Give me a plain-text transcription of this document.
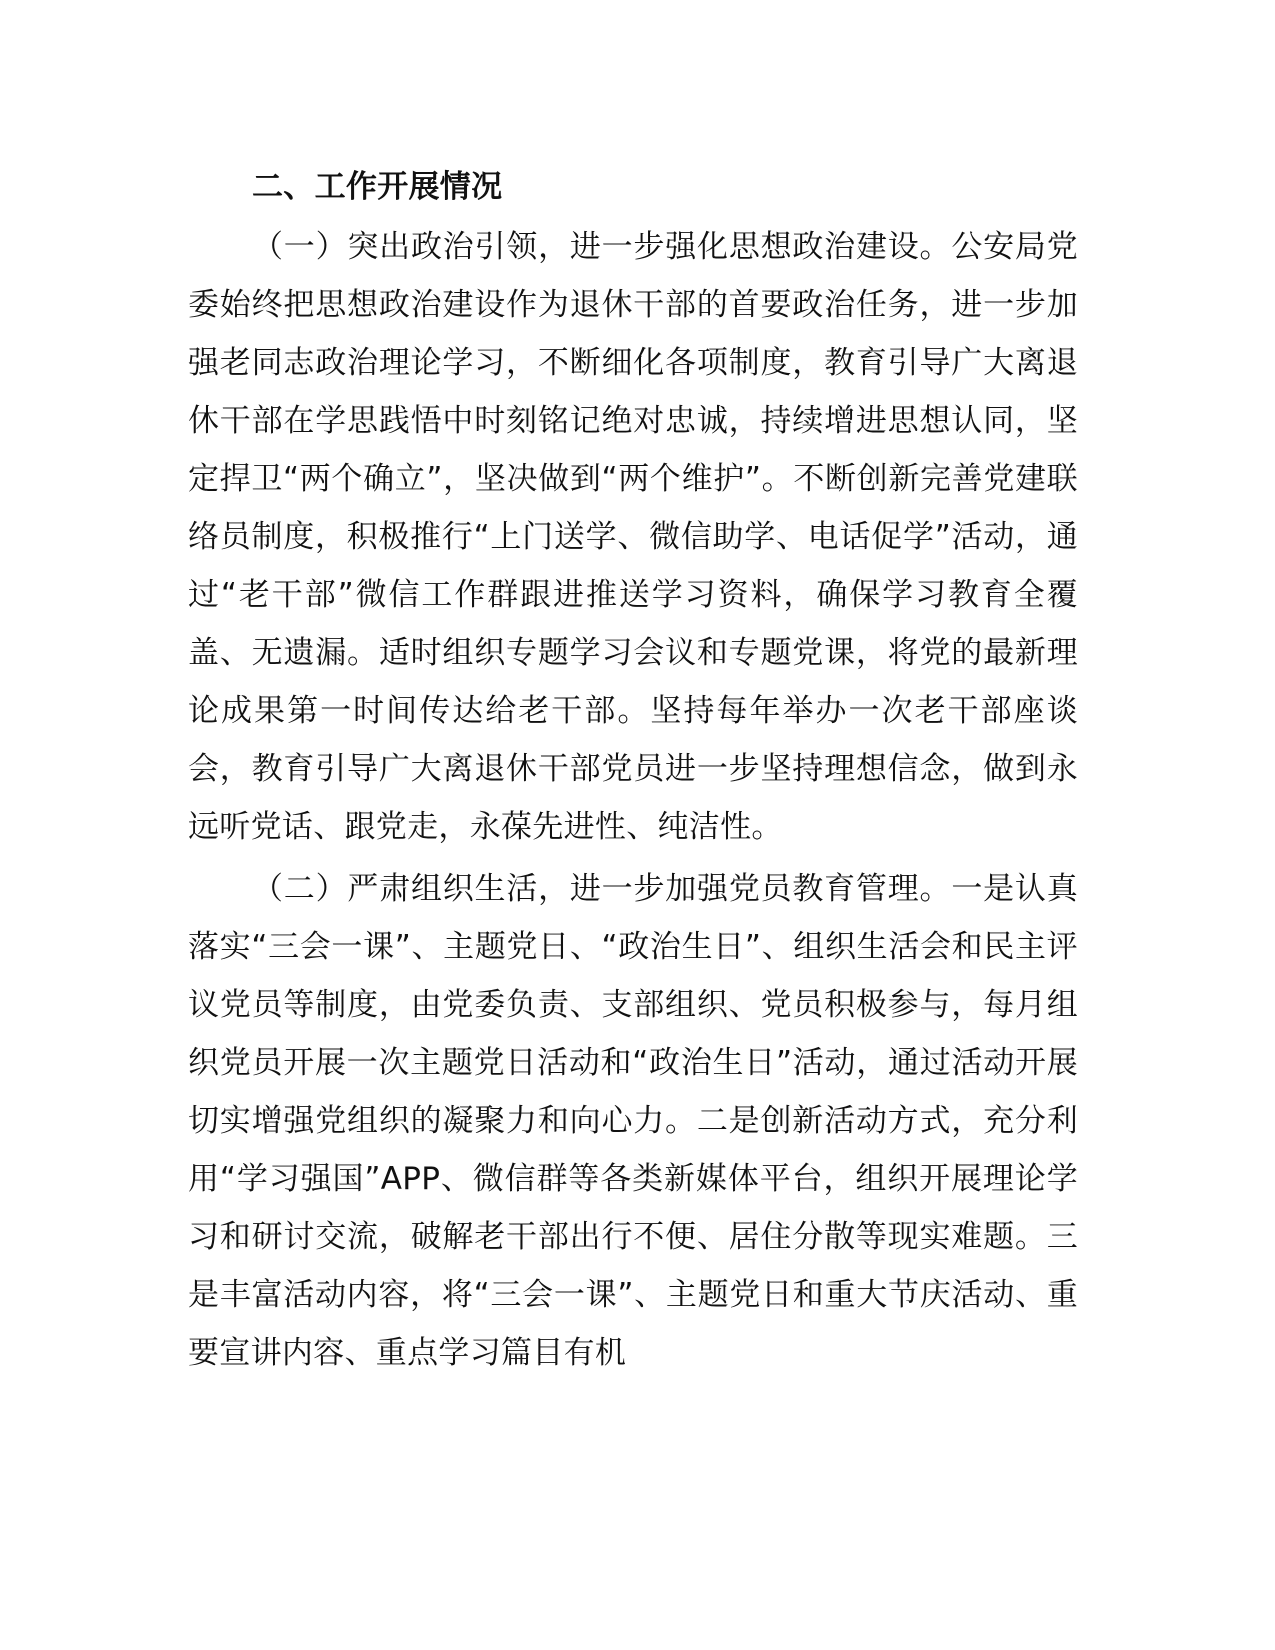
二、工作开展情况

（一）突出政治引领，进一步强化思想政治建设。公安局党委始终把思想政治建设作为退休干部的首要政治任务，进一步加强老同志政治理论学习，不断细化各项制度，教育引导广大离退休干部在学思践悟中时刻铭记绝对忠诚，持续增进思想认同，坚定捍卫“两个确立”，坚决做到“两个维护”。不断创新完善党建联络员制度，积极推行“上门送学、微信助学、电话促学”活动，通过“老干部”微信工作群跟进推送学习资料，确保学习教育全覆盖、无遗漏。适时组织专题学习会议和专题党课，将党的最新理论成果第一时间传达给老干部。坚持每年举办一次老干部座谈会，教育引导广大离退休干部党员进一步坚持理想信念，做到永远听党话、跟党走，永葆先进性、纯洁性。

（二）严肃组织生活，进一步加强党员教育管理。一是认真落实“三会一课”、主题党日、“政治生日”、组织生活会和民主评议党员等制度，由党委负责、支部组织、党员积极参与，每月组织党员开展一次主题党日活动和“政治生日”活动，通过活动开展切实增强党组织的凝聚力和向心力。二是创新活动方式，充分利用“学习强国”APP、微信群等各类新媒体平台，组织开展理论学习和研讨交流，破解老干部出行不便、居住分散等现实难题。三是丰富活动内容，将“三会一课”、主题党日和重大节庆活动、重要宣讲内容、重点学习篇目有机
